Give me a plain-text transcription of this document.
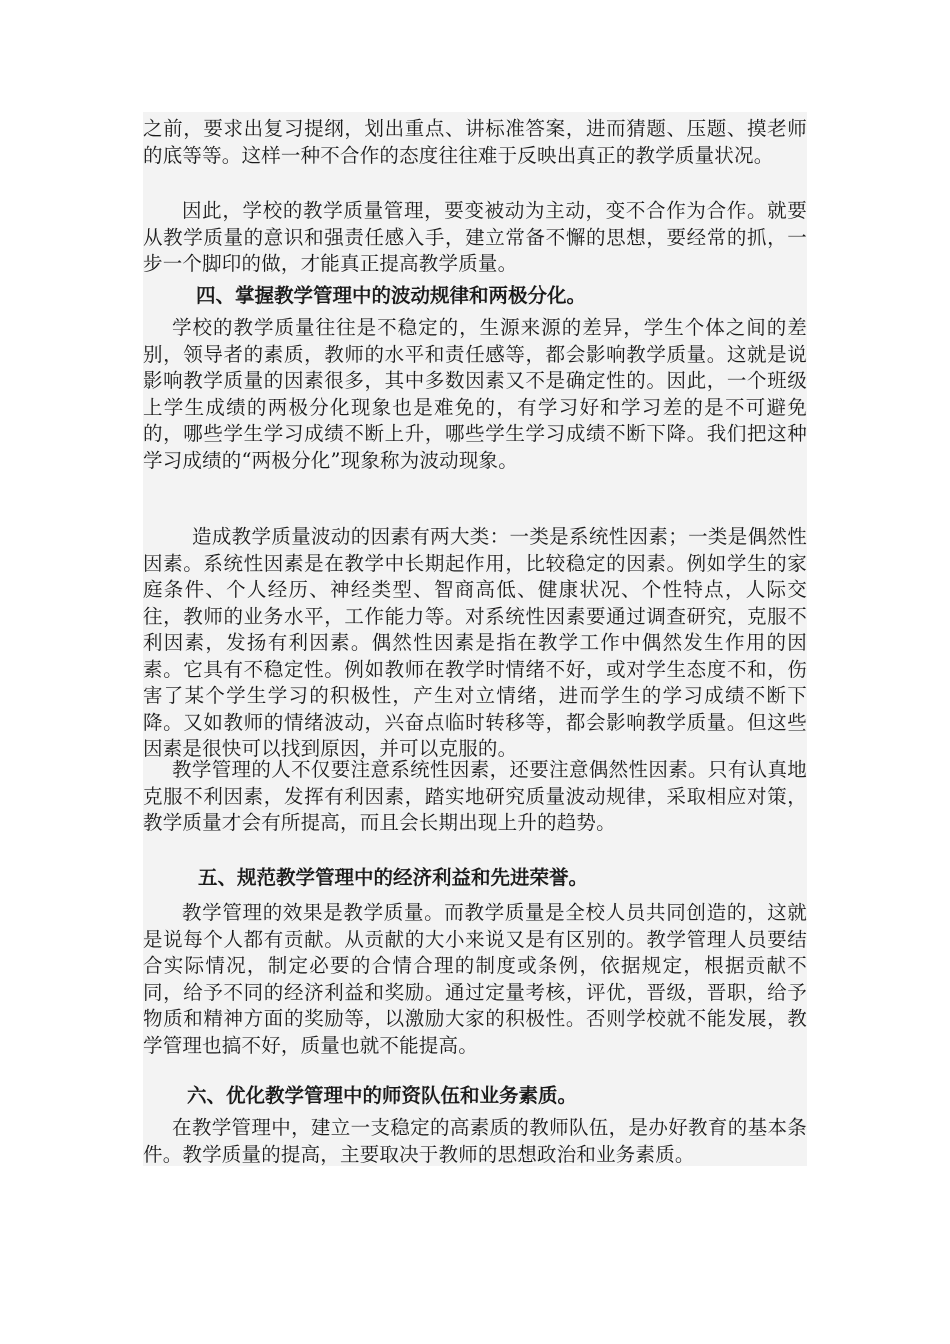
之前，要求出复习提纲，划出重点、讲标准答案，进而猜题、压题、摸老师的底等等。这样一种不合作的态度往往难于反映出真正的教学质量状况。

因此，学校的教学质量管理，要变被动为主动，变不合作为合作。就要从教学质量的意识和强责任感入手，建立常备不懈的思想，要经常的抓，一步一个脚印的做，才能真正提高教学质量。

四、掌握教学管理中的波动规律和两极分化。

学校的教学质量往往是不稳定的，生源来源的差异，学生个体之间的差别，领导者的素质，教师的水平和责任感等，都会影响教学质量。这就是说影响教学质量的因素很多，其中多数因素又不是确定性的。因此，一个班级上学生成绩的两极分化现象也是难免的，有学习好和学习差的是不可避免的，哪些学生学习成绩不断上升，哪些学生学习成绩不断下降。我们把这种学习成绩的“两极分化”现象称为波动现象。

造成教学质量波动的因素有两大类：一类是系统性因素；一类是偶然性因素。系统性因素是在教学中长期起作用，比较稳定的因素。例如学生的家庭条件、个人经历、神经类型、智商高低、健康状况、个性特点，人际交往，教师的业务水平，工作能力等。对系统性因素要通过调查研究，克服不利因素，发扬有利因素。偶然性因素是指在教学工作中偶然发生作用的因素。它具有不稳定性。例如教师在教学时情绪不好，或对学生态度不和，伤害了某个学生学习的积极性，产生对立情绪，进而学生的学习成绩不断下降。又如教师的情绪波动，兴奋点临时转移等，都会影响教学质量。但这些因素是很快可以找到原因，并可以克服的。

教学管理的人不仅要注意系统性因素，还要注意偶然性因素。只有认真地克服不利因素，发挥有利因素，踏实地研究质量波动规律，采取相应对策，教学质量才会有所提高，而且会长期出现上升的趋势。

五、规范教学管理中的经济利益和先进荣誉。

教学管理的效果是教学质量。而教学质量是全校人员共同创造的，这就是说每个人都有贡献。从贡献的大小来说又是有区别的。教学管理人员要结合实际情况，制定必要的合情合理的制度或条例，依据规定，根据贡献不同，给予不同的经济利益和奖励。通过定量考核，评优，晋级，晋职，给予物质和精神方面的奖励等，以激励大家的积极性。否则学校就不能发展，教学管理也搞不好，质量也就不能提高。

六、优化教学管理中的师资队伍和业务素质。

在教学管理中，建立一支稳定的高素质的教师队伍，是办好教育的基本条件。教学质量的提高，主要取决于教师的思想政治和业务素质。
